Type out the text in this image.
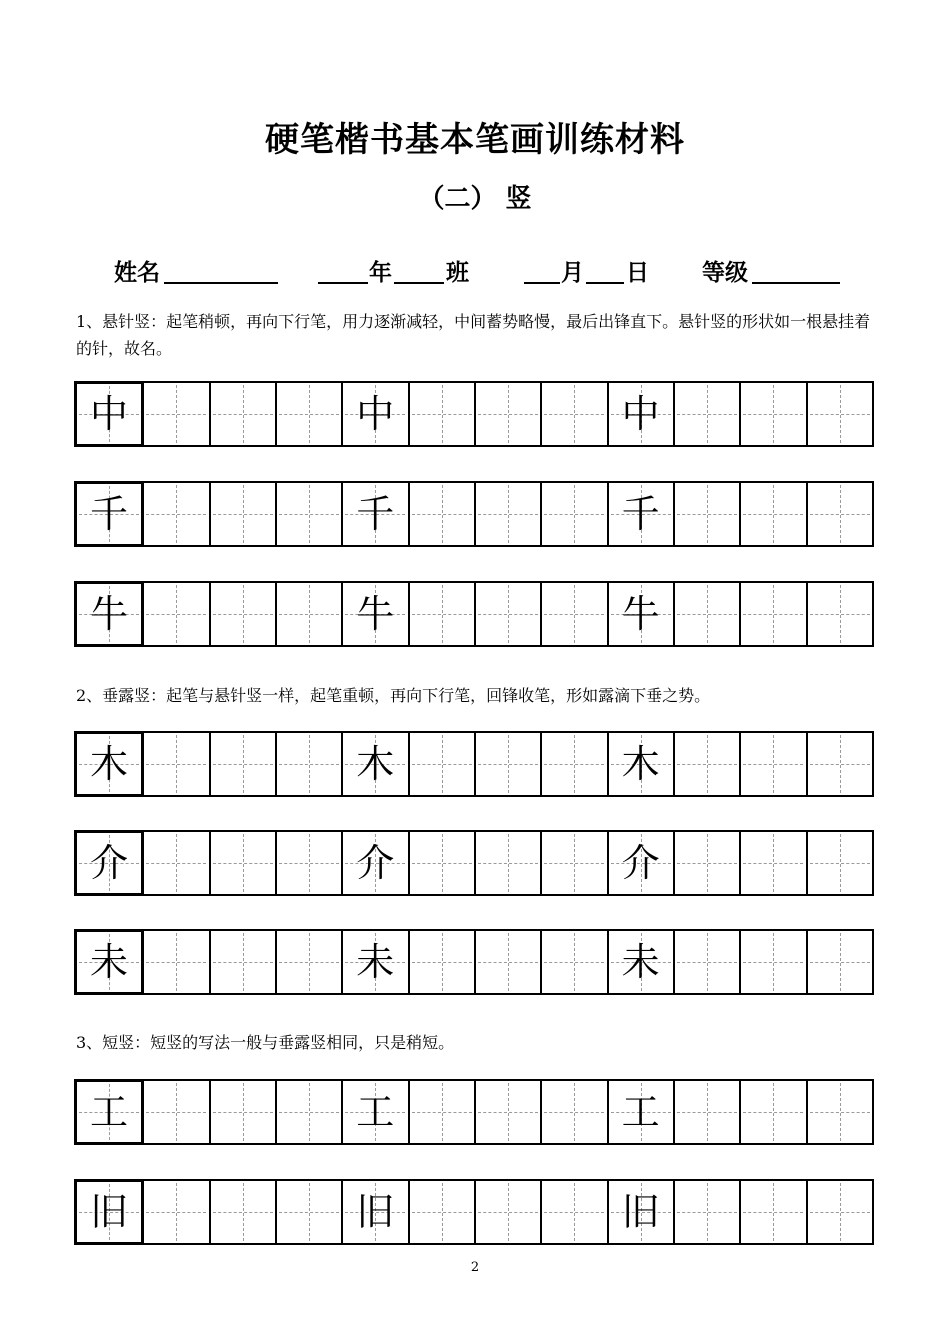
硬笔楷书基本笔画训练材料
（二） 竖
姓名	年 班	月 日 等级
1、悬针竖：起笔稍顿，再向下行笔，用力逐渐减轻，中间蓄势略慢，最后出锋直下。悬针竖的形状如一根悬挂着的针，故名。
2、垂露竖：起笔与悬针竖一样，起笔重顿，再向下行笔，回锋收笔，形如露滴下垂之势。
3、短竖：短竖的写法一般与垂露竖相同，只是稍短。
2
中	中	中
千	千	千
牛	牛	牛
木	木	木
介	介	介
未	未	未
工	工	工
旧	旧	旧
